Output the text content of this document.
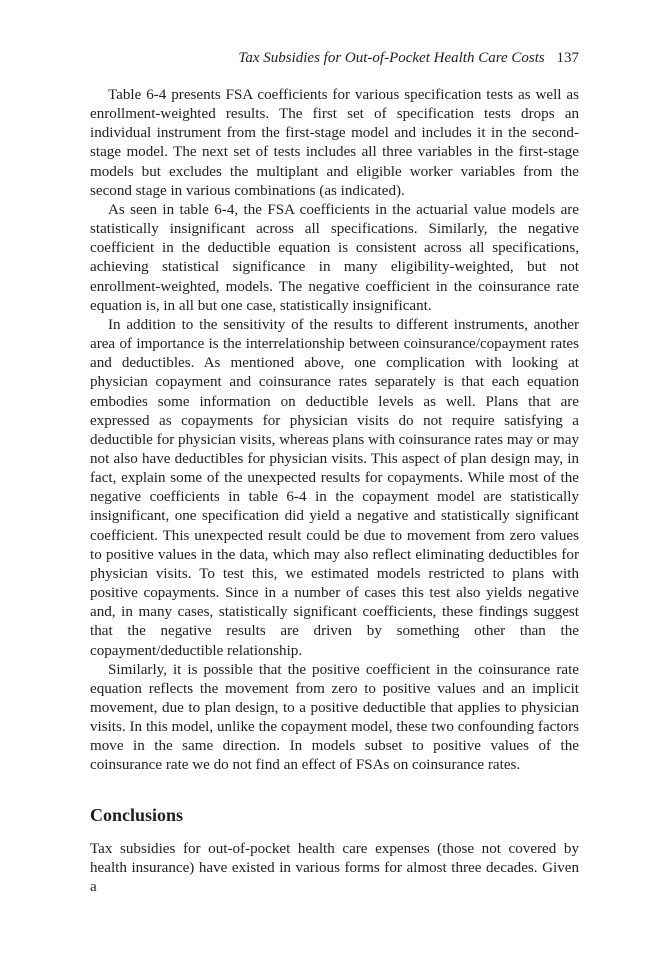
Tax Subsidies for Out-of-Pocket Health Care Costs 137

Table 6-4 presents FSA coefficients for various specification tests as well as enrollment-weighted results. The first set of specification tests drops an individual instrument from the first-stage model and includes it in the second-stage model. The next set of tests includes all three variables in the first-stage models but excludes the multiplant and eligible worker variables from the second stage in various combinations (as indicated).

As seen in table 6-4, the FSA coefficients in the actuarial value models are statistically insignificant across all specifications. Similarly, the negative coefficient in the deductible equation is consistent across all specifications, achieving statistical significance in many eligibility-weighted, but not enrollment-weighted, models. The negative coefficient in the coinsurance rate equation is, in all but one case, statistically insignificant.

In addition to the sensitivity of the results to different instruments, another area of importance is the interrelationship between coinsurance/copayment rates and deductibles. As mentioned above, one complication with looking at physician copayment and coinsurance rates separately is that each equation embodies some information on deductible levels as well. Plans that are expressed as copayments for physician visits do not require satisfying a deductible for physician visits, whereas plans with coinsurance rates may or may not also have deductibles for physician visits. This aspect of plan design may, in fact, explain some of the unexpected results for copayments. While most of the negative coefficients in table 6-4 in the copayment model are statistically insignificant, one specification did yield a negative and statistically significant coefficient. This unexpected result could be due to movement from zero values to positive values in the data, which may also reflect eliminating deductibles for physician visits. To test this, we estimated models restricted to plans with positive copayments. Since in a number of cases this test also yields negative and, in many cases, statistically significant coefficients, these findings suggest that the negative results are driven by something other than the copayment/deductible relationship.

Similarly, it is possible that the positive coefficient in the coinsurance rate equation reflects the movement from zero to positive values and an implicit movement, due to plan design, to a positive deductible that applies to physician visits. In this model, unlike the copayment model, these two confounding factors move in the same direction. In models subset to positive values of the coinsurance rate we do not find an effect of FSAs on coinsurance rates.

Conclusions

Tax subsidies for out-of-pocket health care expenses (those not covered by health insurance) have existed in various forms for almost three decades. Given a
